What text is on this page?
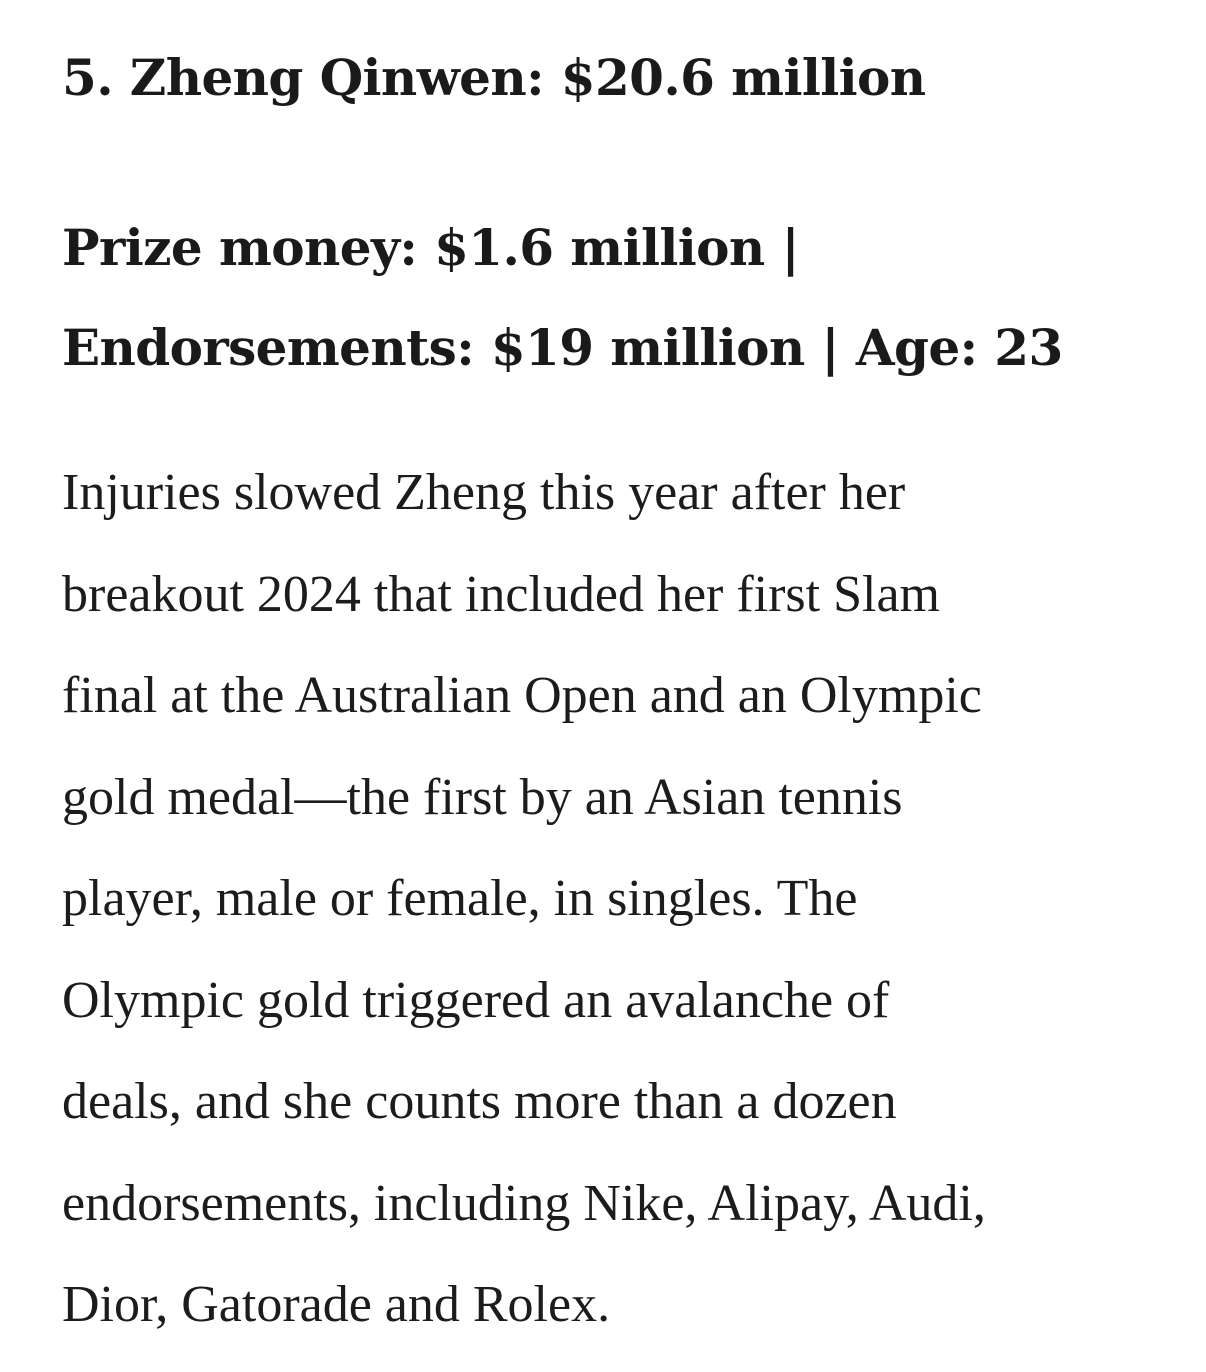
5. Zheng Qinwen: $20.6 million

Prize money: $1.6 million |
Endorsements: $19 million | Age: 23

Injuries slowed Zheng this year after her
breakout 2024 that included her first Slam
final at the Australian Open and an Olympic
gold medal—the first by an Asian tennis
player, male or female, in singles. The
Olympic gold triggered an avalanche of
deals, and she counts more than a dozen
endorsements, including Nike, Alipay, Audi,
Dior, Gatorade and Rolex.
